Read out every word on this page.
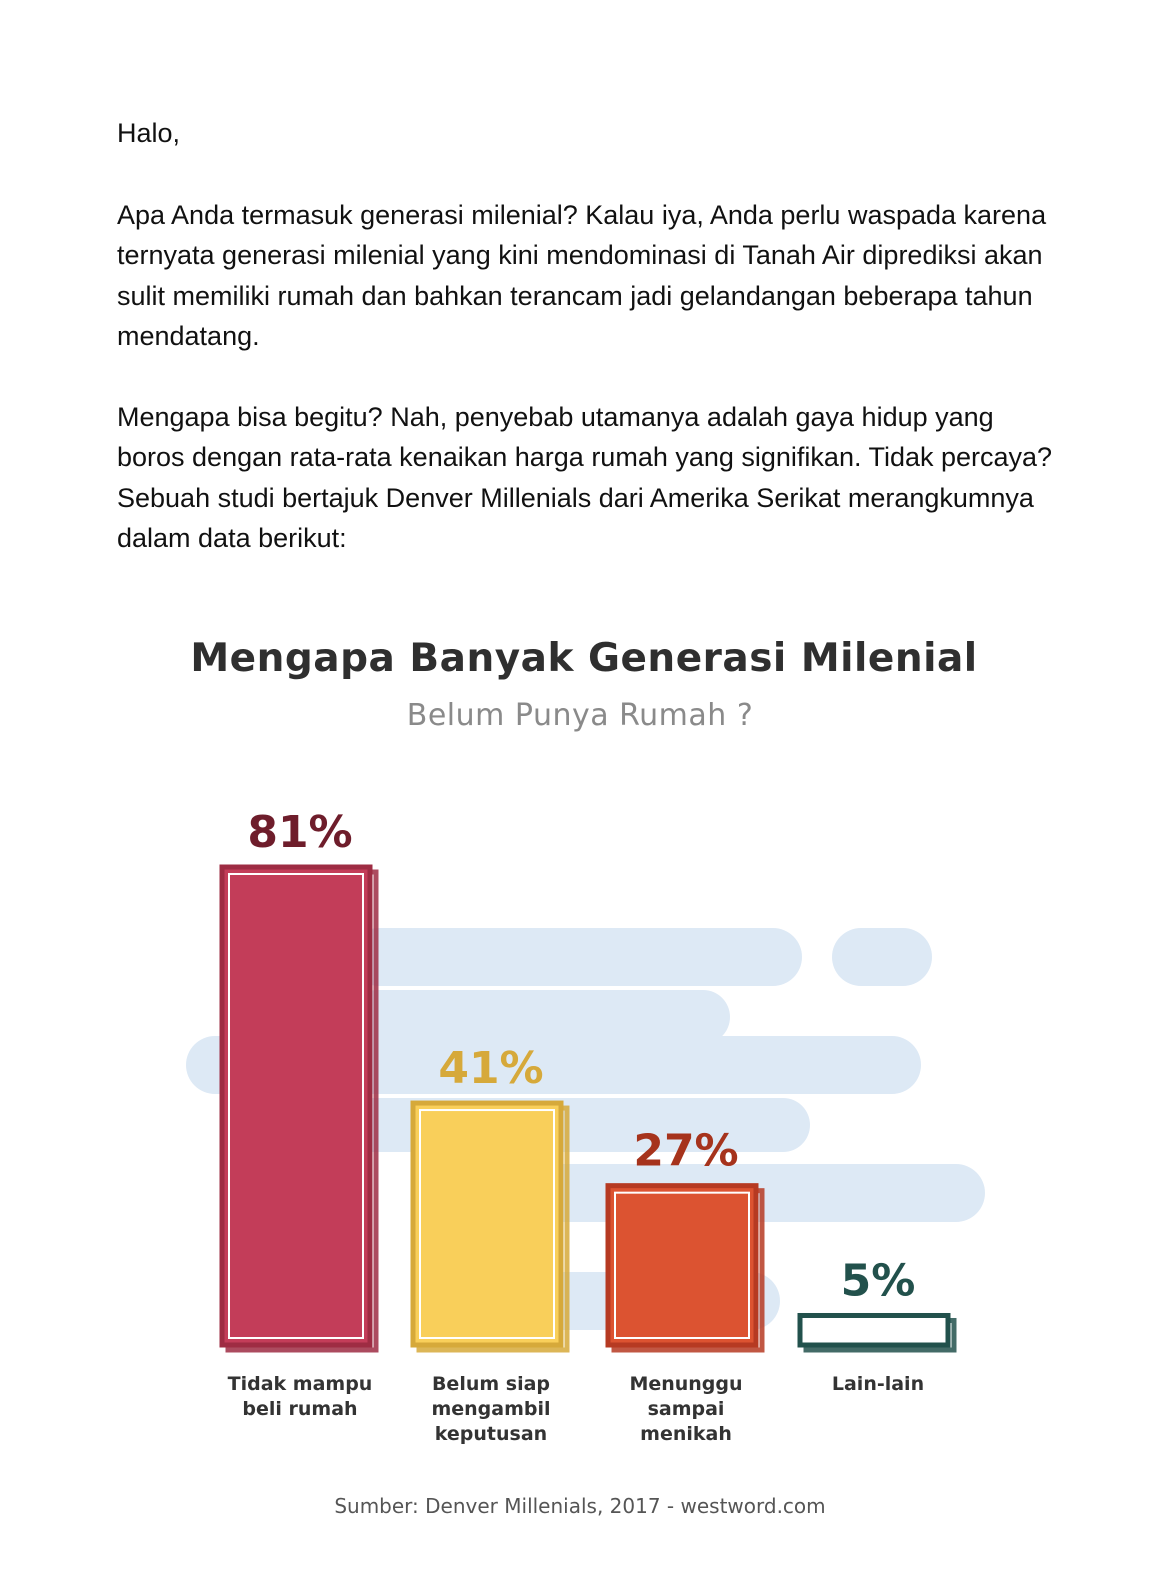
Halo,

Apa Anda termasuk generasi milenial? Kalau iya, Anda perlu waspada karena ternyata generasi milenial yang kini mendominasi di Tanah Air diprediksi akan sulit memiliki rumah dan bahkan terancam jadi gelandangan beberapa tahun mendatang.

Mengapa bisa begitu? Nah, penyebab utamanya adalah gaya hidup yang boros dengan rata-rata kenaikan harga rumah yang signifikan. Tidak percaya? Sebuah studi bertajuk Denver Millenials dari Amerika Serikat merangkumnya dalam data berikut:

Mengapa Banyak Generasi Milenial
Belum Punya Rumah ?
81%
Tidak mampu
beli rumah
41%
Belum siap
mengambil
keputusan
27%
Menunggu
sampai
menikah
5%
Lain-lain
Sumber: Denver Millenials, 2017 - westword.com
